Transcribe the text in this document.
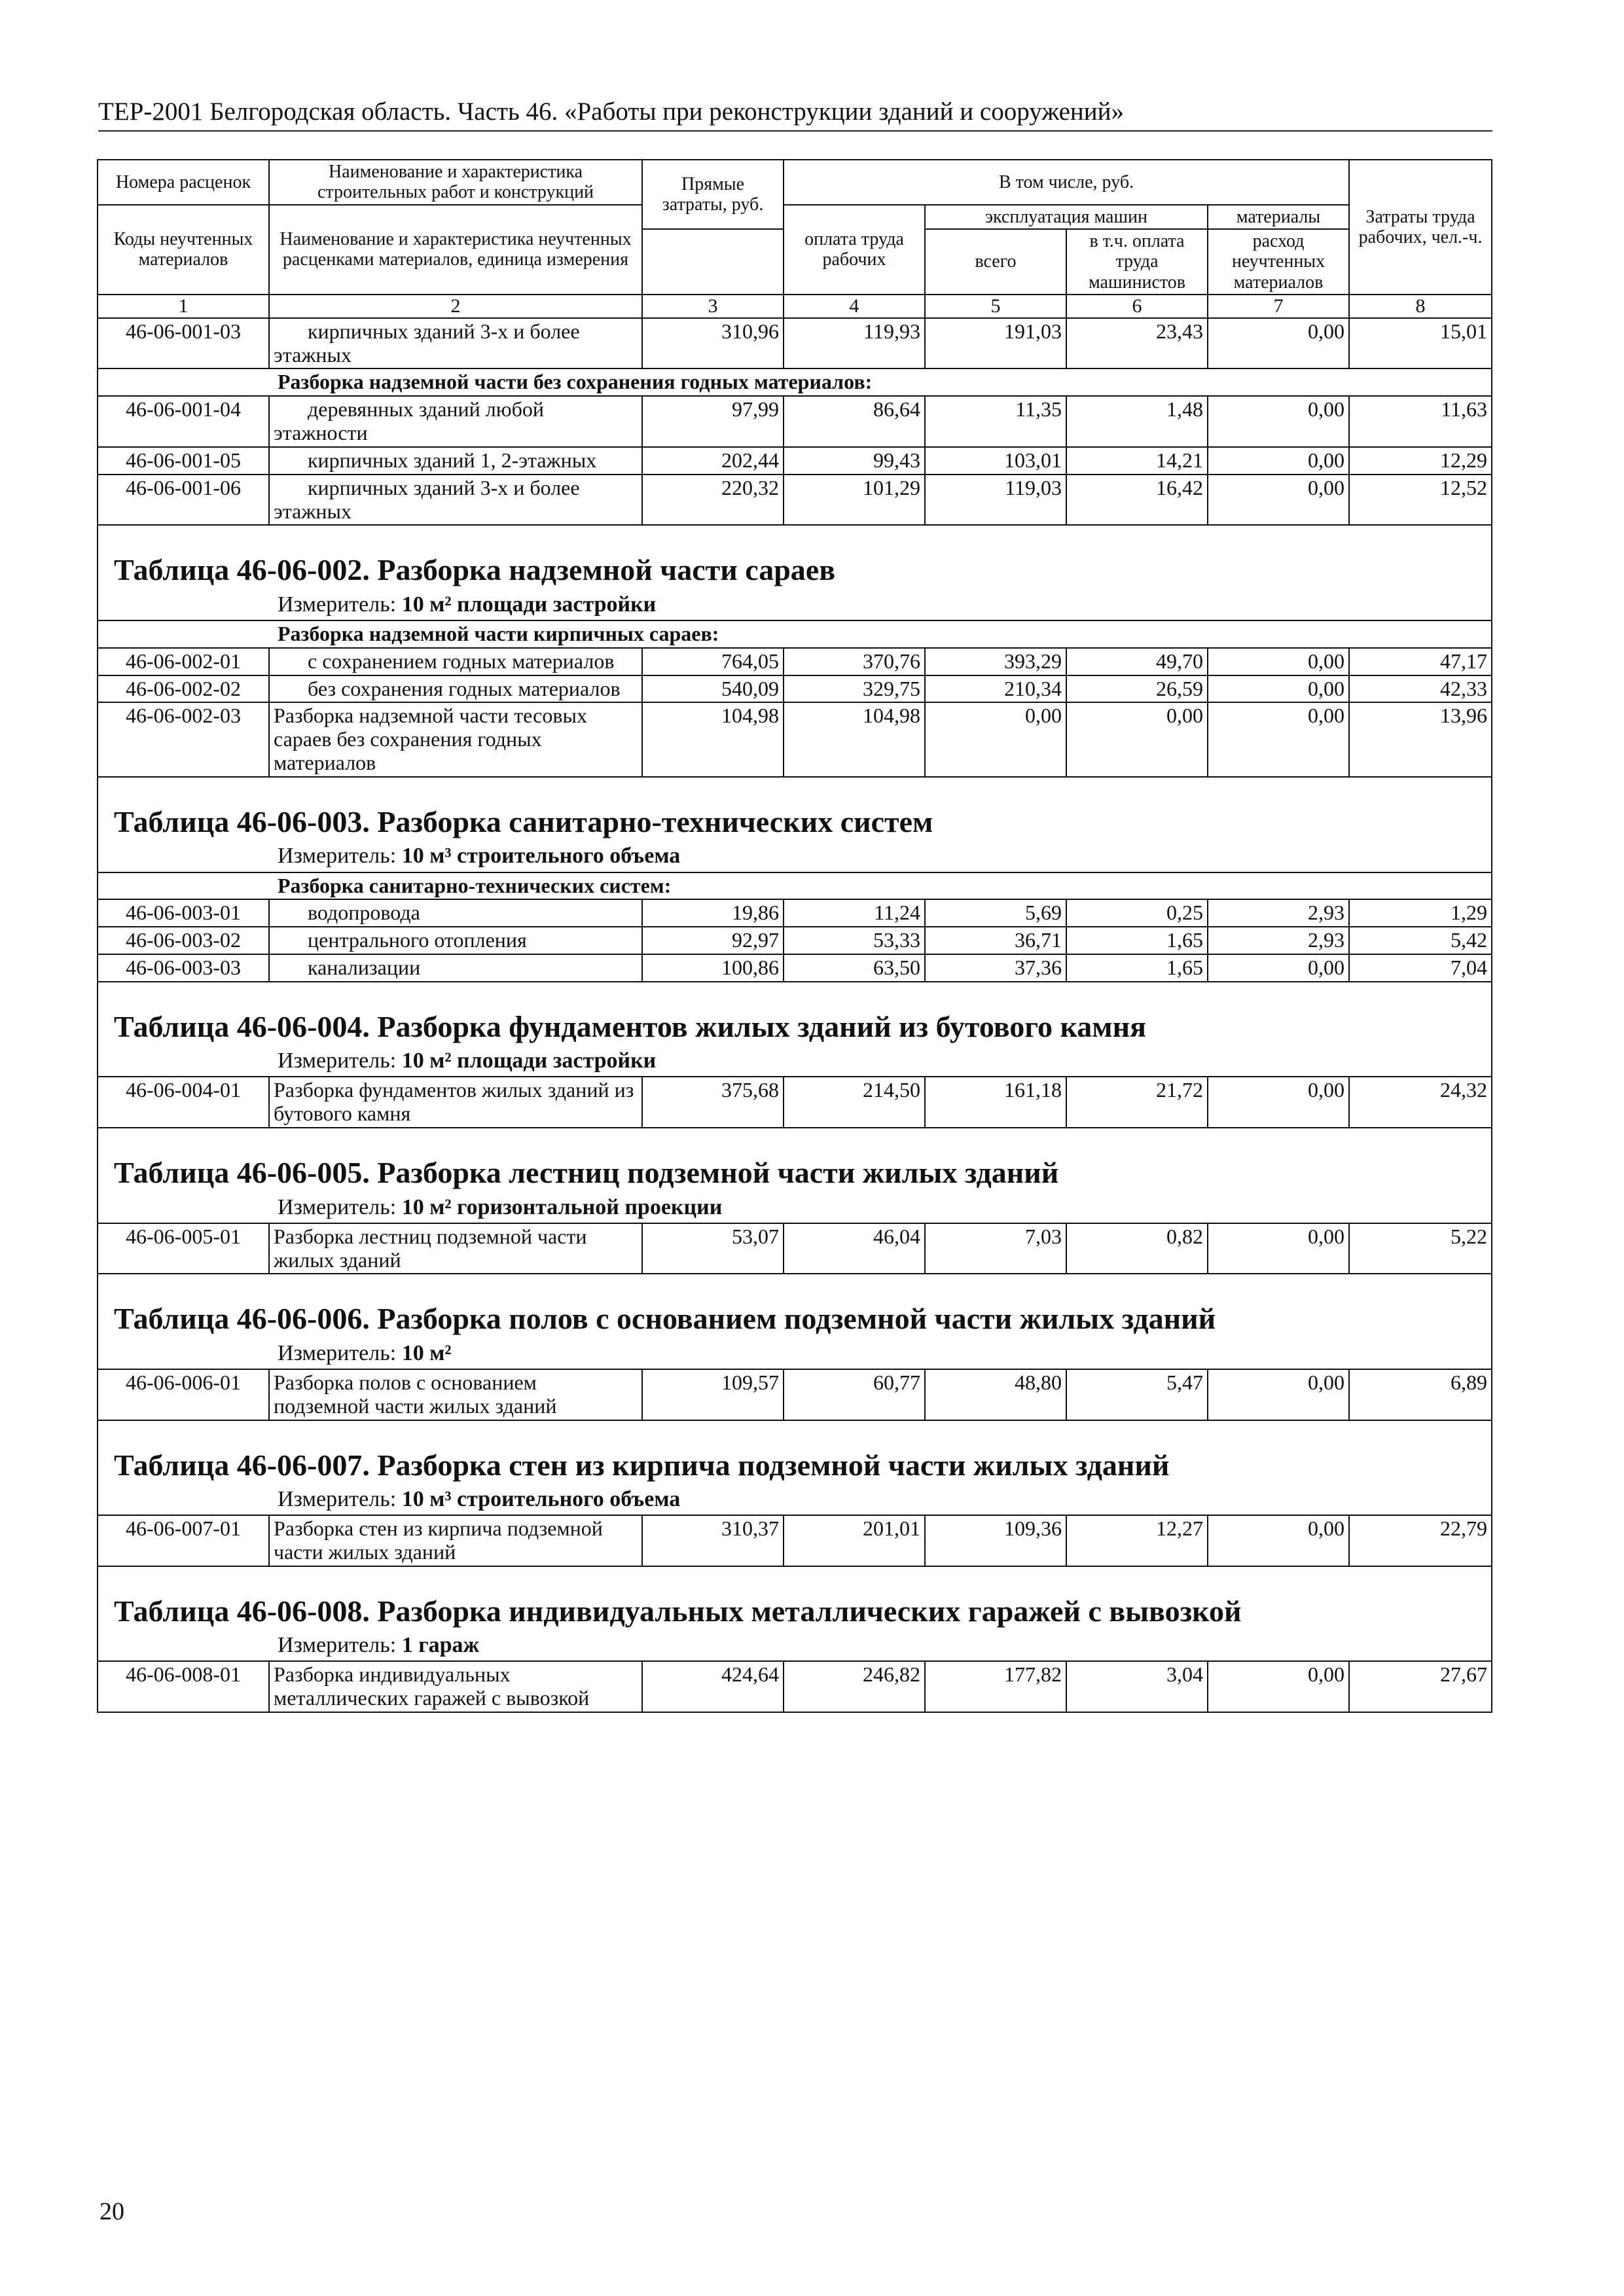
ТЕР-2001 Белгородская область. Часть 46. «Работы при реконструкции зданий и сооружений»
Номера расценок	Наименование и характеристика строительных работ и конструкций	Прямые затраты, руб.	В том числе, руб.				Затраты труда рабочих, чел.-ч.
Коды неучтенных материалов	Наименование и характеристика неучтенных расценками материалов, единица измерения		оплата труда рабочих	эксплуатация машин		материалы	
				всего	в т.ч. оплата труда машинистов	расход неучтенных материалов	

1	2	3	4	5	6	7	8
46-06-001-03	кирпичных зданий 3-х и более этажных	310,96	119,93	191,03	23,43	0,00	15,01
Разборка надземной части без сохранения годных материалов:							
46-06-001-04	деревянных зданий любой этажности	97,99	86,64	11,35	1,48	0,00	11,63
46-06-001-05	кирпичных зданий 1, 2-этажных	202,44	99,43	103,01	14,21	0,00	12,29
46-06-001-06	кирпичных зданий 3-х и более этажных	220,32	101,29	119,03	16,42	0,00	12,52

Таблица 46-06-002. Разборка надземной части сараев							

Измеритель: 10 м² площади застройки							

Разборка надземной части кирпичных сараев:							
46-06-002-01	с сохранением годных материалов	764,05	370,76	393,29	49,70	0,00	47,17
46-06-002-02	без сохранения годных материалов	540,09	329,75	210,34	26,59	0,00	42,33
46-06-002-03	Разборка надземной части тесовых сараев без сохранения годных материалов	104,98	104,98	0,00	0,00	0,00	13,96

Таблица 46-06-003. Разборка санитарно-технических систем							

Измеритель: 10 м³ строительного объема							

Разборка санитарно-технических систем:							
46-06-003-01	водопровода	19,86	11,24	5,69	0,25	2,93	1,29
46-06-003-02	центрального отопления	92,97	53,33	36,71	1,65	2,93	5,42
46-06-003-03	канализации	100,86	63,50	37,36	1,65	0,00	7,04

Таблица 46-06-004. Разборка фундаментов жилых зданий из бутового камня							

Измеритель: 10 м² площади застройки							

46-06-004-01	Разборка фундаментов жилых зданий из бутового камня	375,68	214,50	161,18	21,72	0,00	24,32

Таблица 46-06-005. Разборка лестниц подземной части жилых зданий							

Измеритель: 10 м² горизонтальной проекции							

46-06-005-01	Разборка лестниц подземной части жилых зданий	53,07	46,04	7,03	0,82	0,00	5,22

Таблица 46-06-006. Разборка полов с основанием подземной части жилых зданий							

Измеритель: 10 м²							

46-06-006-01	Разборка полов с основанием подземной части жилых зданий	109,57	60,77	48,80	5,47	0,00	6,89

Таблица 46-06-007. Разборка стен из кирпича подземной части жилых зданий							

Измеритель: 10 м³ строительного объема							

46-06-007-01	Разборка стен из кирпича подземной части жилых зданий	310,37	201,01	109,36	12,27	0,00	22,79

Таблица 46-06-008. Разборка индивидуальных металлических гаражей с вывозкой							

Измеритель: 1 гараж							

46-06-008-01	Разборка индивидуальных металлических гаражей с вывозкой	424,64	246,82	177,82	3,04	0,00	27,67
20
